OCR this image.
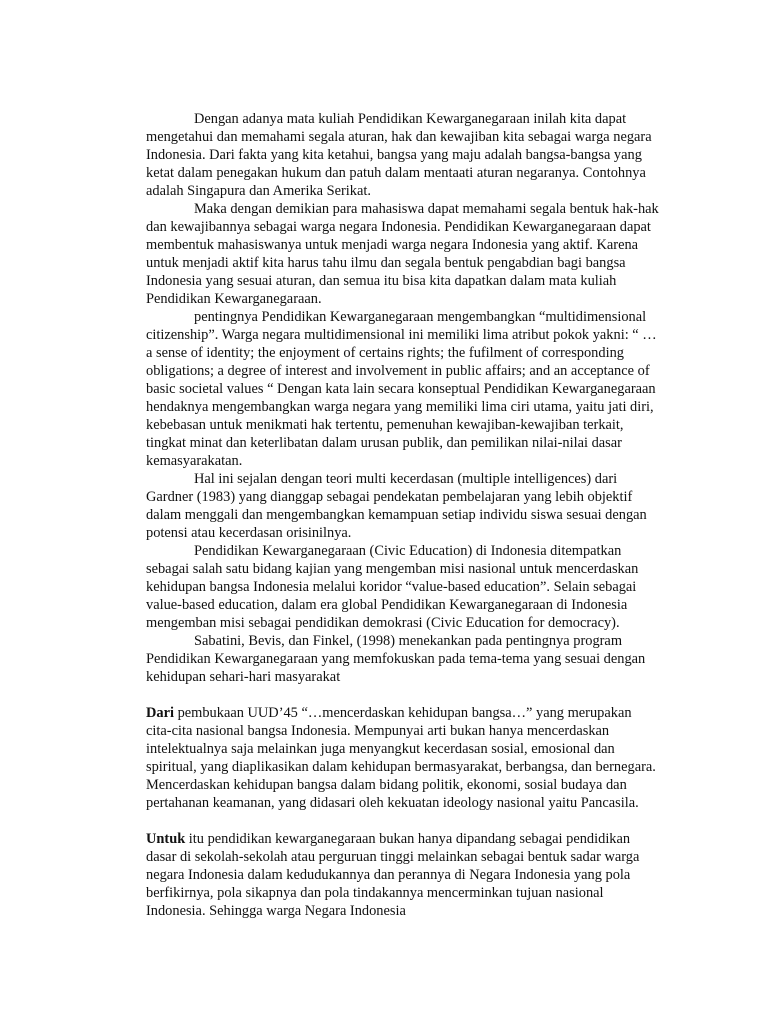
Dengan adanya mata kuliah Pendidikan Kewarganegaraan inilah kita dapat mengetahui dan memahami segala aturan, hak dan kewajiban kita sebagai warga negara Indonesia. Dari fakta yang kita ketahui, bangsa yang maju adalah bangsa-bangsa yang ketat dalam penegakan hukum dan patuh dalam mentaati aturan negaranya. Contohnya adalah Singapura dan Amerika Serikat.

Maka dengan demikian para mahasiswa dapat memahami segala bentuk hak-hak dan kewajibannya sebagai warga negara Indonesia. Pendidikan Kewarganegaraan dapat membentuk mahasiswanya untuk menjadi warga negara Indonesia yang aktif. Karena untuk menjadi aktif kita harus tahu ilmu dan segala bentuk pengabdian bagi bangsa Indonesia yang sesuai aturan, dan semua itu bisa kita dapatkan dalam mata kuliah Pendidikan Kewarganegaraan.

pentingnya Pendidikan Kewarganegaraan mengembangkan “multidimensional citizenship”. Warga negara multidimensional ini memiliki lima atribut pokok yakni: “ …a sense of identity; the enjoyment of certains rights; the fufilment of corresponding obligations; a degree of interest and involvement in public affairs; and an acceptance of basic societal values “ Dengan kata lain secara konseptual Pendidikan Kewarganegaraan hendaknya mengembangkan warga negara yang memiliki lima ciri utama, yaitu jati diri, kebebasan untuk menikmati hak tertentu, pemenuhan kewajiban-kewajiban terkait, tingkat minat dan keterlibatan dalam urusan publik, dan pemilikan nilai-nilai dasar kemasyarakatan.

Hal ini sejalan dengan teori multi kecerdasan (multiple intelligences) dari Gardner (1983) yang dianggap sebagai pendekatan pembelajaran yang lebih objektif dalam menggali dan mengembangkan kemampuan setiap individu siswa sesuai dengan potensi atau kecerdasan orisinilnya.

Pendidikan Kewarganegaraan (Civic Education) di Indonesia ditempatkan sebagai salah satu bidang kajian yang mengemban misi nasional untuk mencerdaskan kehidupan bangsa Indonesia melalui koridor “value-based education”. Selain sebagai value-based education, dalam era global Pendidikan Kewarganegaraan di Indonesia mengemban misi sebagai pendidikan demokrasi (Civic Education for democracy).

Sabatini, Bevis, dan Finkel, (1998) menekankan pada pentingnya program Pendidikan Kewarganegaraan yang memfokuskan pada tema-tema yang sesuai dengan kehidupan sehari-hari masyarakat

Dari pembukaan UUD’45 “…mencerdaskan kehidupan bangsa…” yang merupakan cita-cita nasional bangsa Indonesia. Mempunyai arti bukan hanya mencerdaskan intelektualnya saja melainkan juga menyangkut kecerdasan sosial, emosional dan spiritual, yang diaplikasikan dalam kehidupan bermasyarakat, berbangsa, dan bernegara. Mencerdaskan kehidupan bangsa dalam bidang politik, ekonomi, sosial budaya dan pertahanan keamanan, yang didasari oleh kekuatan ideology nasional yaitu Pancasila.

Untuk itu pendidikan kewarganegaraan bukan hanya dipandang sebagai pendidikan dasar di sekolah-sekolah atau perguruan tinggi melainkan sebagai bentuk sadar warga negara Indonesia dalam kedudukannya dan perannya di Negara Indonesia yang pola berfikirnya, pola sikapnya dan pola tindakannya mencerminkan tujuan nasional Indonesia. Sehingga warga Negara Indonesia
